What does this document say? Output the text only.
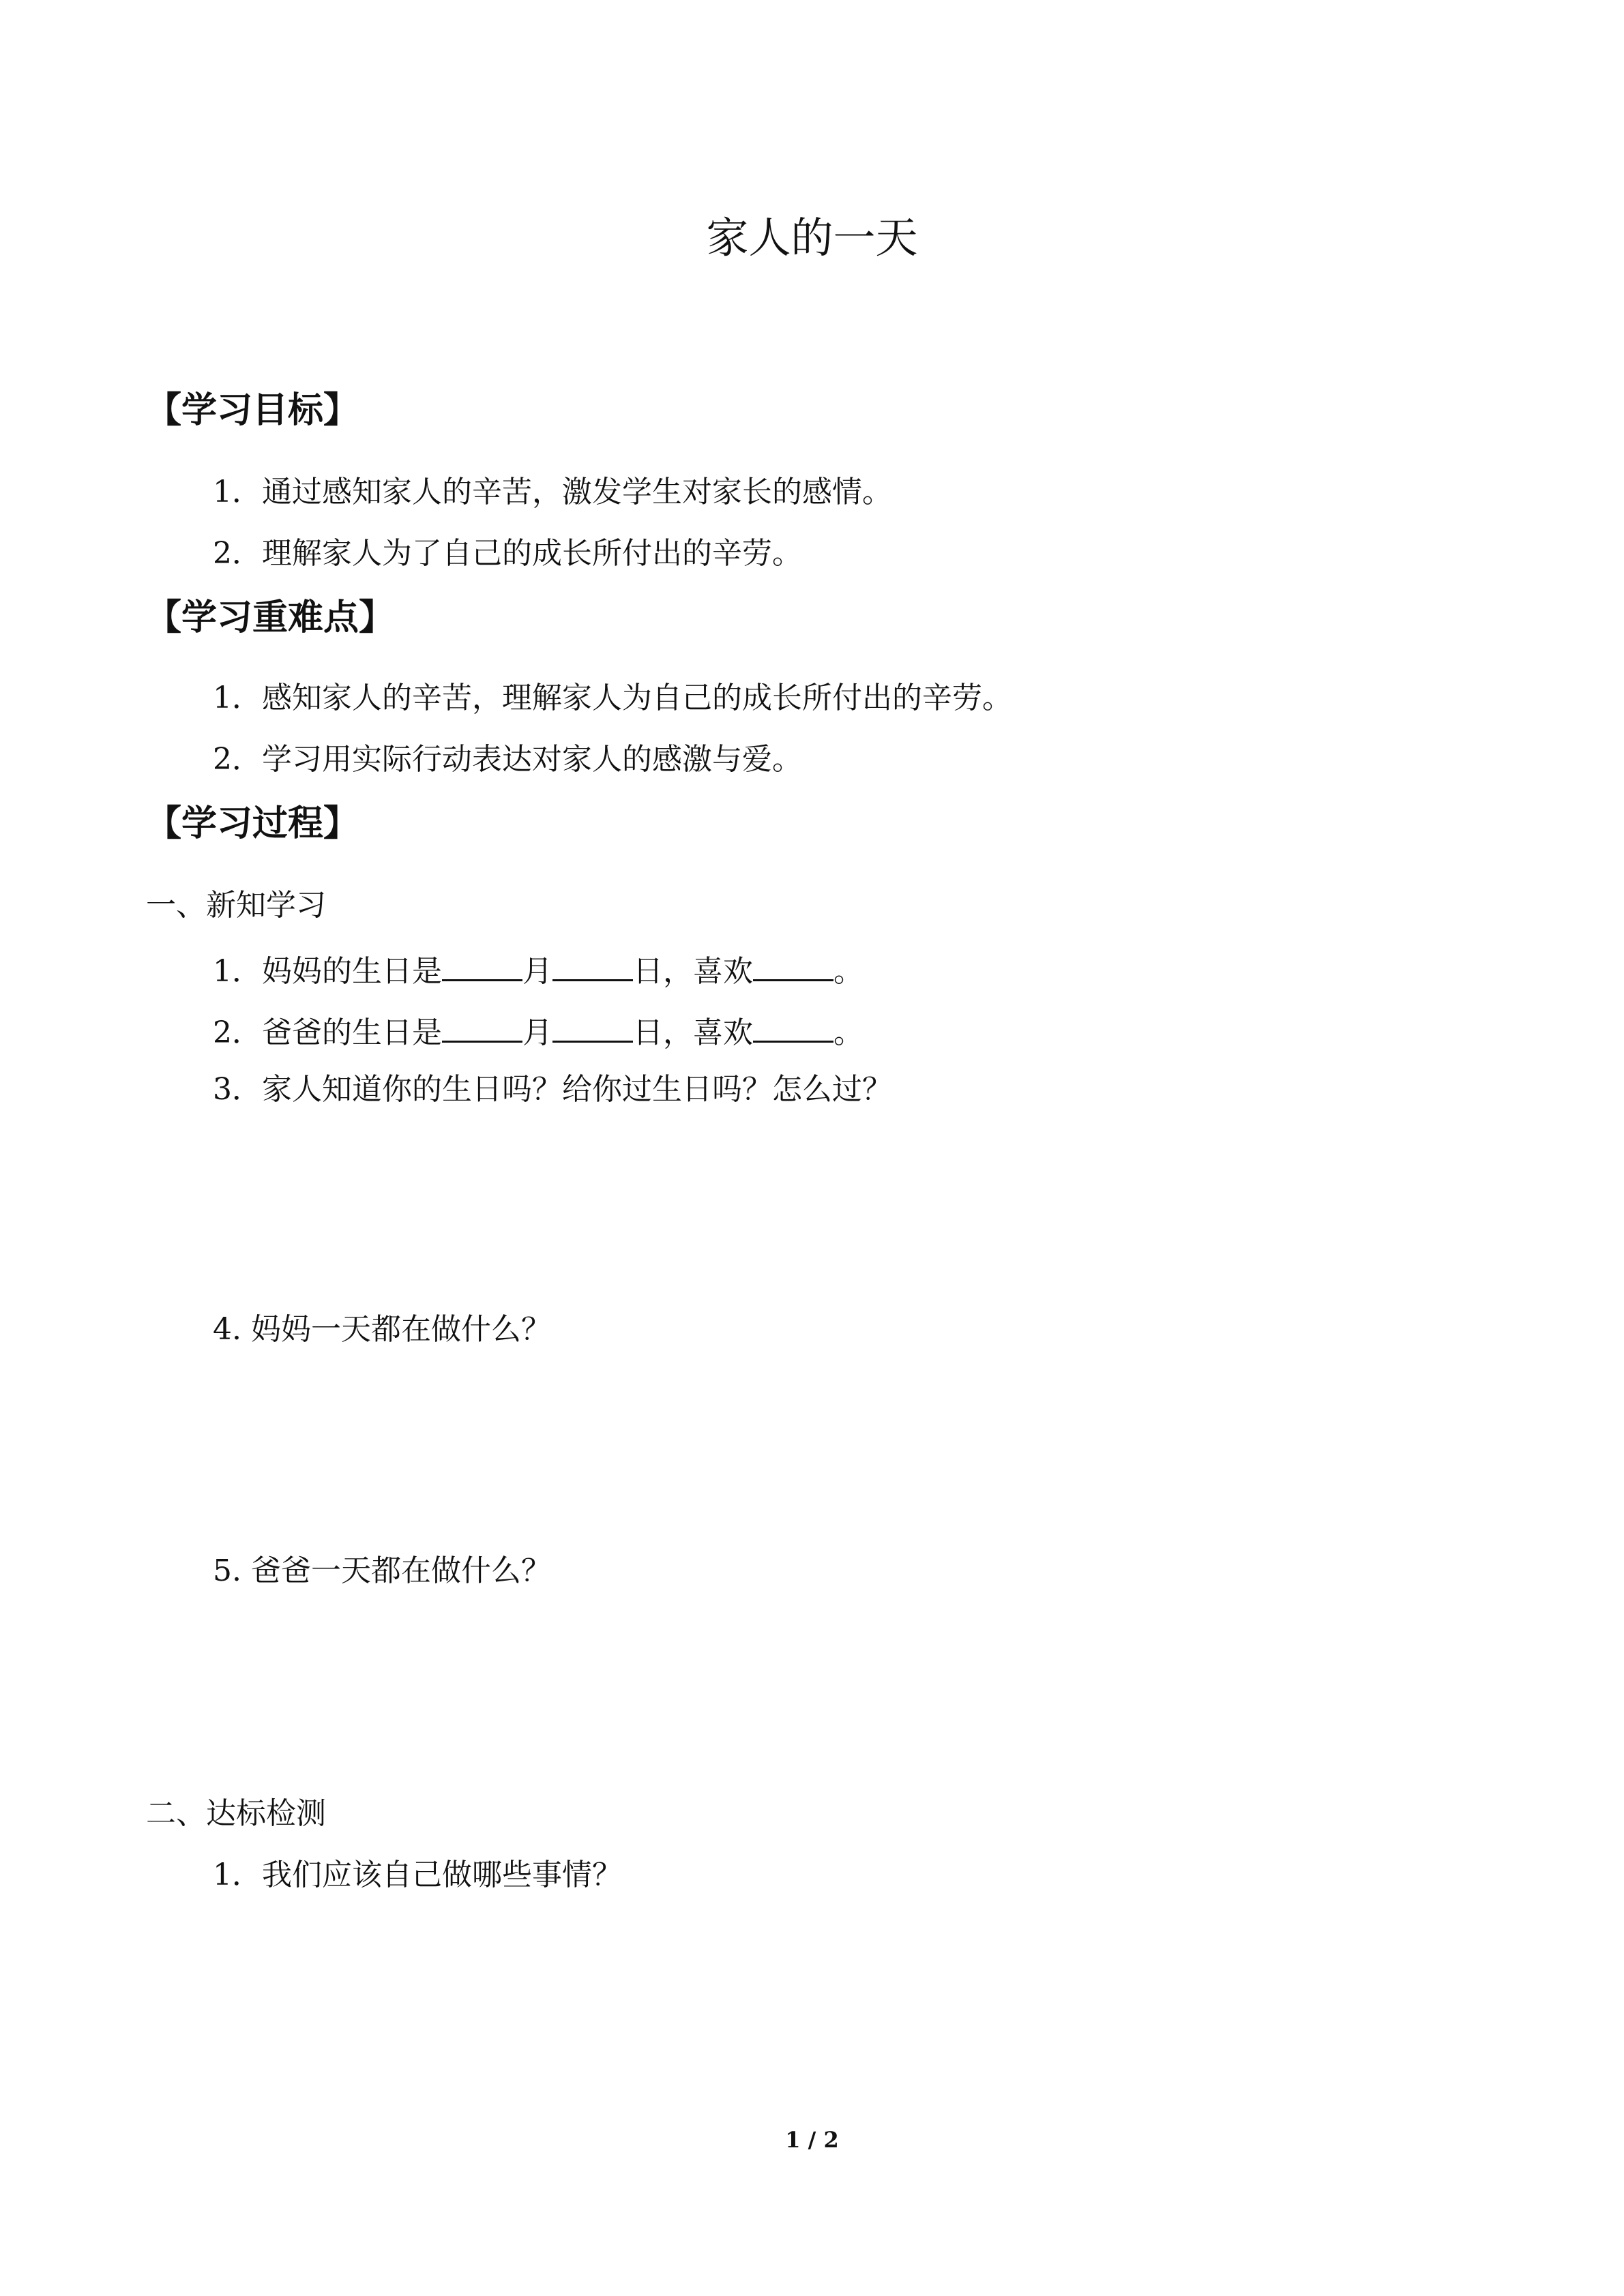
家人的一天
【学习目标】
1．通过感知家人的辛苦，激发学生对家长的感情。
2．理解家人为了自己的成长所付出的辛劳。
【学习重难点】
1．感知家人的辛苦，理解家人为自己的成长所付出的辛劳。
2．学习用实际行动表达对家人的感激与爱。
【学习过程】
一、新知学习
1．妈妈的生日是	月	日，喜欢	。
2．爸爸的生日是	月	日，喜欢	。
3．家人知道你的生日吗？给你过生日吗？怎么过？
4. 妈妈一天都在做什么？
5. 爸爸一天都在做什么？
二、达标检测
1．我们应该自己做哪些事情？
1 / 2
